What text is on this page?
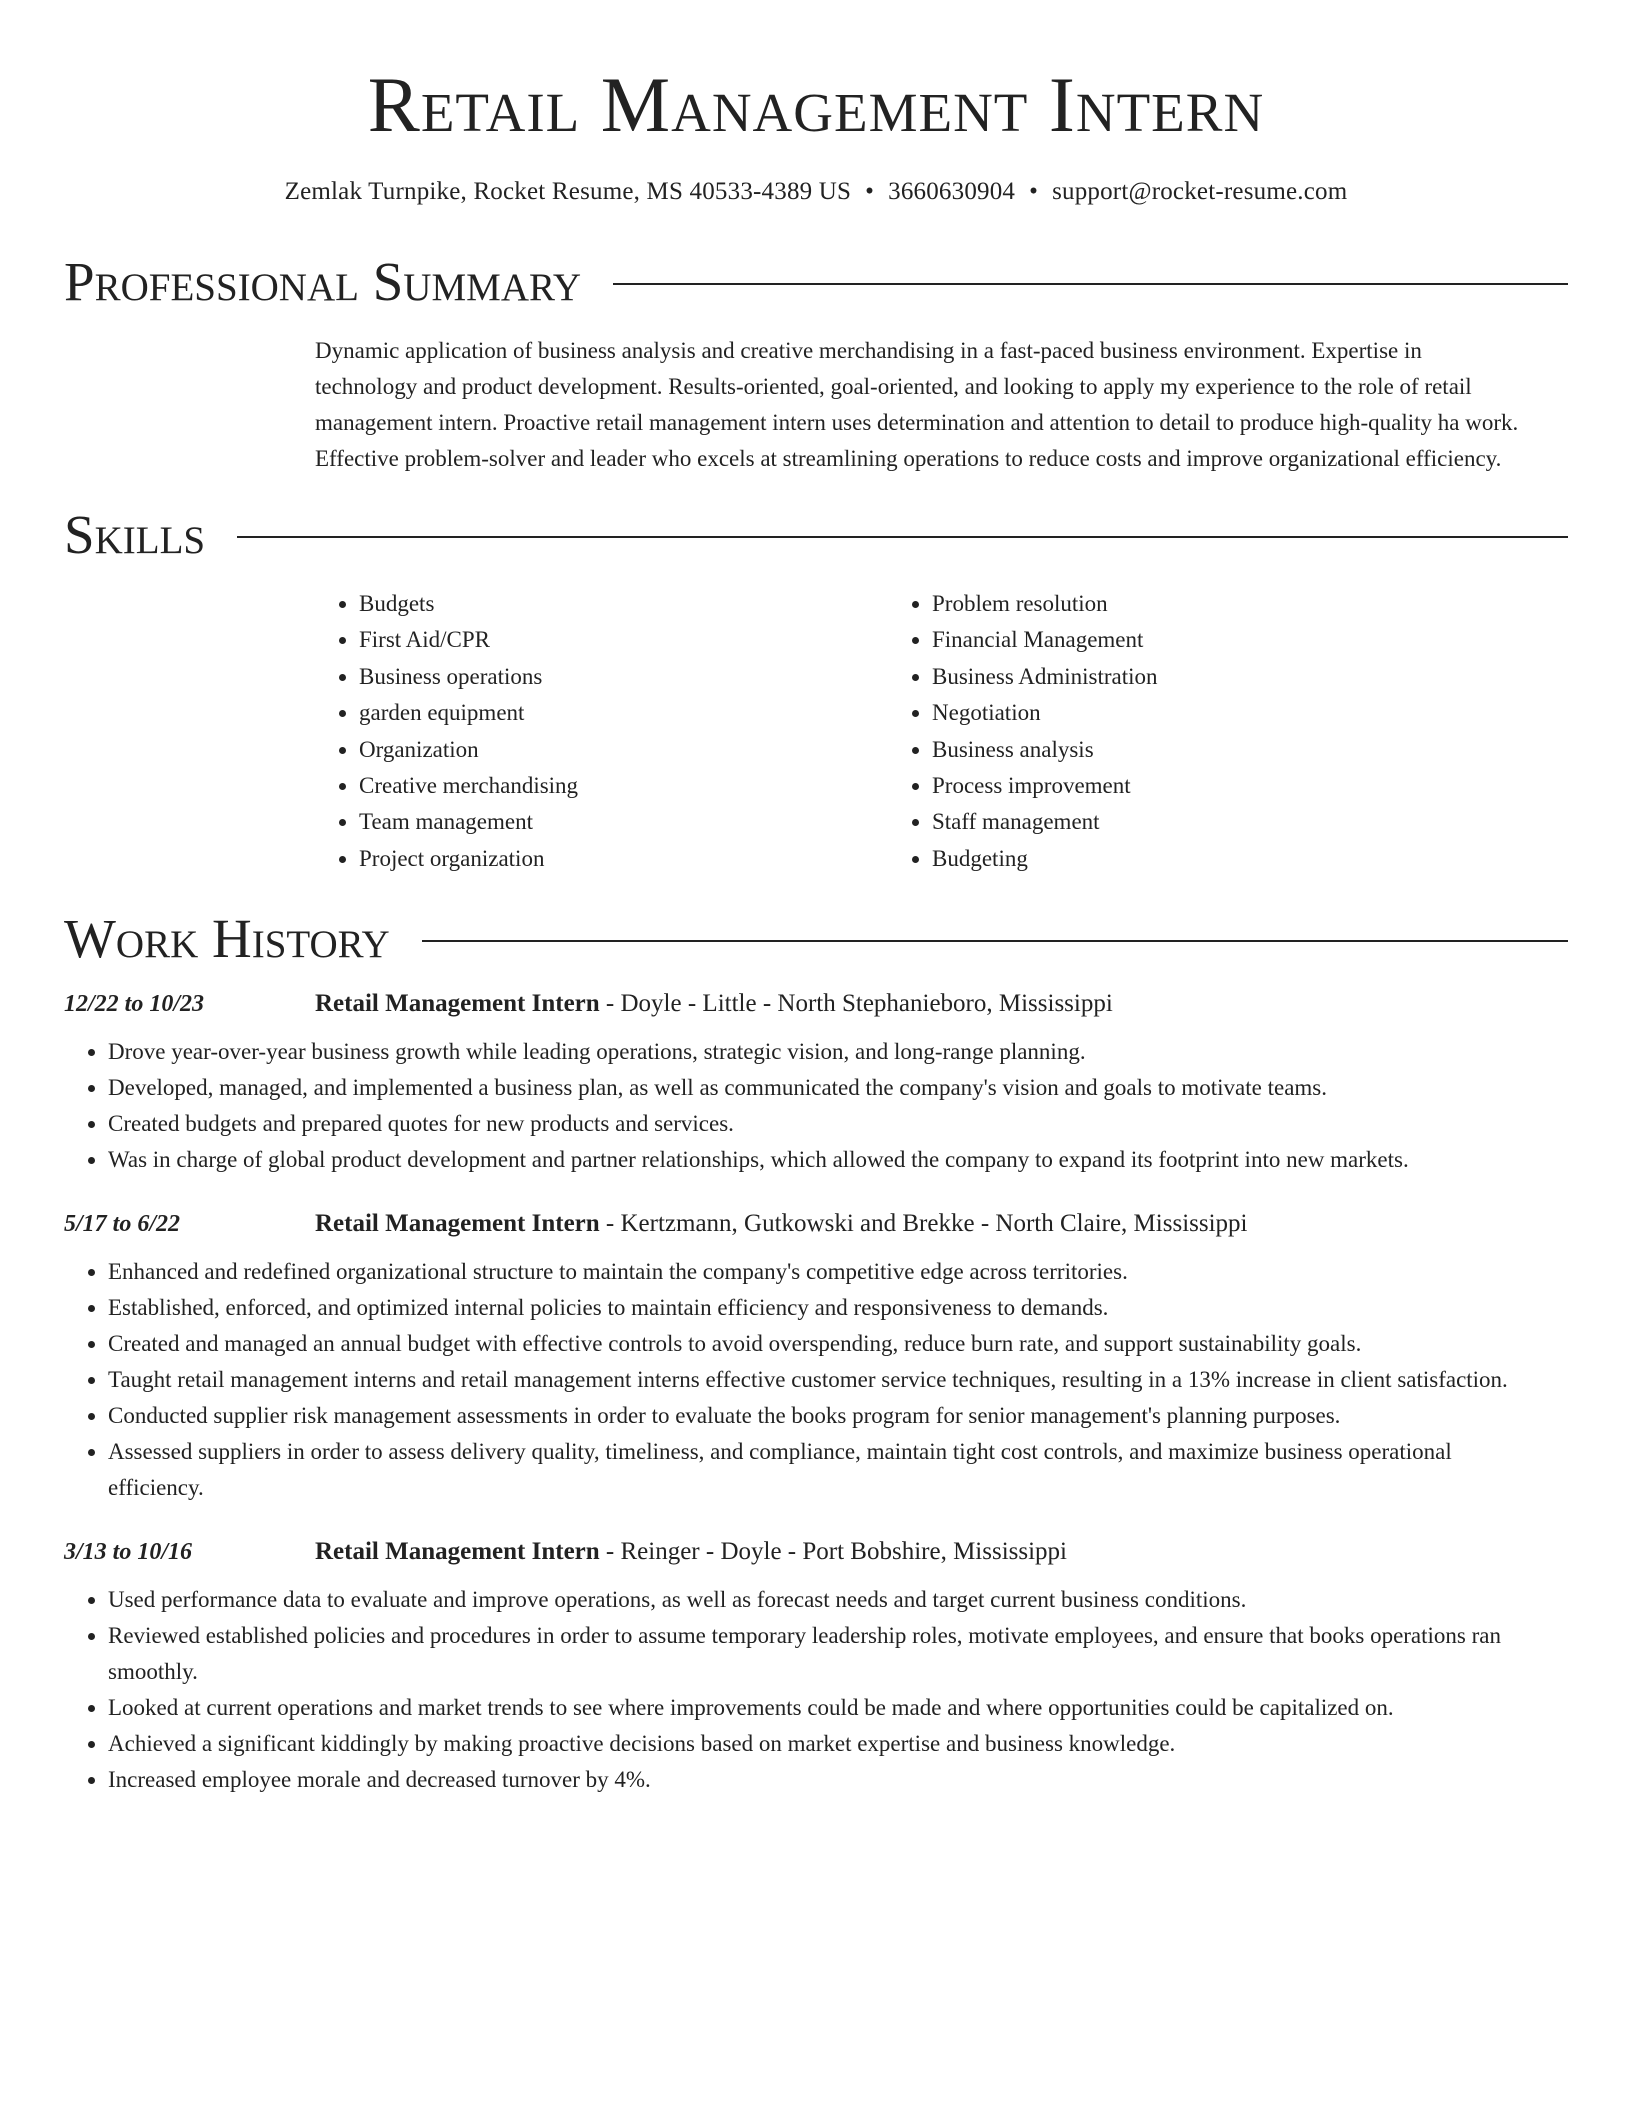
Retail Management Intern
Zemlak Turnpike, Rocket Resume, MS 40533-4389 US • 3660630904 • support@rocket-resume.com
Professional Summary
Dynamic application of business analysis and creative merchandising in a fast-paced business environment. Expertise in technology and product development. Results-oriented, goal-oriented, and looking to apply my experience to the role of retail management intern. Proactive retail management intern uses determination and attention to detail to produce high-quality ha work. Effective problem-solver and leader who excels at streamlining operations to reduce costs and improve organizational efficiency.
Skills
• Budgets
• First Aid/CPR
• Business operations
• garden equipment
• Organization
• Creative merchandising
• Team management
• Project organization
• Problem resolution
• Financial Management
• Business Administration
• Negotiation
• Business analysis
• Process improvement
• Staff management
• Budgeting
Work History
12/22 to 10/23	Retail Management Intern - Doyle - Little - North Stephanieboro, Mississippi
• Drove year-over-year business growth while leading operations, strategic vision, and long-range planning.
• Developed, managed, and implemented a business plan, as well as communicated the company's vision and goals to motivate teams.
• Created budgets and prepared quotes for new products and services.
• Was in charge of global product development and partner relationships, which allowed the company to expand its footprint into new markets.
5/17 to 6/22	Retail Management Intern - Kertzmann, Gutkowski and Brekke - North Claire, Mississippi
• Enhanced and redefined organizational structure to maintain the company's competitive edge across territories.
• Established, enforced, and optimized internal policies to maintain efficiency and responsiveness to demands.
• Created and managed an annual budget with effective controls to avoid overspending, reduce burn rate, and support sustainability goals.
• Taught retail management interns and retail management interns effective customer service techniques, resulting in a 13% increase in client satisfaction.
• Conducted supplier risk management assessments in order to evaluate the books program for senior management's planning purposes.
• Assessed suppliers in order to assess delivery quality, timeliness, and compliance, maintain tight cost controls, and maximize business operational efficiency.
3/13 to 10/16	Retail Management Intern - Reinger - Doyle - Port Bobshire, Mississippi
• Used performance data to evaluate and improve operations, as well as forecast needs and target current business conditions.
• Reviewed established policies and procedures in order to assume temporary leadership roles, motivate employees, and ensure that books operations ran smoothly.
• Looked at current operations and market trends to see where improvements could be made and where opportunities could be capitalized on.
• Achieved a significant kiddingly by making proactive decisions based on market expertise and business knowledge.
• Increased employee morale and decreased turnover by 4%.
